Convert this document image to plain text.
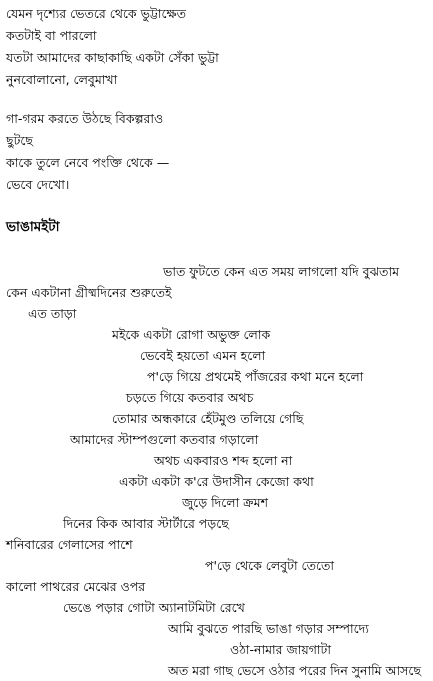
যেমন দৃশ্যের ভেতরে থেকে ভুট্টাক্ষেত
কতটাই বা পারলো
যতটা আমাদের কাছাকাছি একটা সেঁকা ভুট্টা
নুনবোলানো, লেবুমাখা
গা-গরম করতে উঠছে বিকল্পরাও
ছুটছে
কাকে তুলে নেবে পংক্তি থেকে —
ভেবে দেখো।
ভাঙামইটা
ভাত ফুটতে কেন এত সময় লাগলো যদি বুঝতাম
কেন একটানা গ্রীষ্মদিনের শুরুতেই
এত তাড়া
মইকে একটা রোগা অভুক্ত লোক
ভেবেই হয়তো এমন হলো
প'ড়ে গিয়ে প্রথমেই পাঁজরের কথা মনে হলো
চড়তে গিয়ে কতবার অথচ
তোমার অন্ধকারে হেঁটমুণ্ড তলিয়ে গেছি
আমাদের স্টাম্পগুলো কতবার গড়ালো
অথচ একবারও শব্দ হলো না
একটা একটা ক'রে উদাসীন কেজো কথা
জুড়ে দিলো ক্রমশ
দিনের কিক আবার স্টার্টারে পড়ছে
শনিবারের গেলাসের পাশে
প'ড়ে থেকে লেবুটা তেতো
কালো পাথরের মেঝের ওপর
ভেঙে পড়ার গোটা অ্যানাটমিটা রেখে
আমি বুঝতে পারছি ভাঙা গড়ার সম্পাদ্যে
ওঠা-নামার জায়গাটা
অত মরা গাছ ভেসে ওঠার পরের দিন সুনামি আসছে
